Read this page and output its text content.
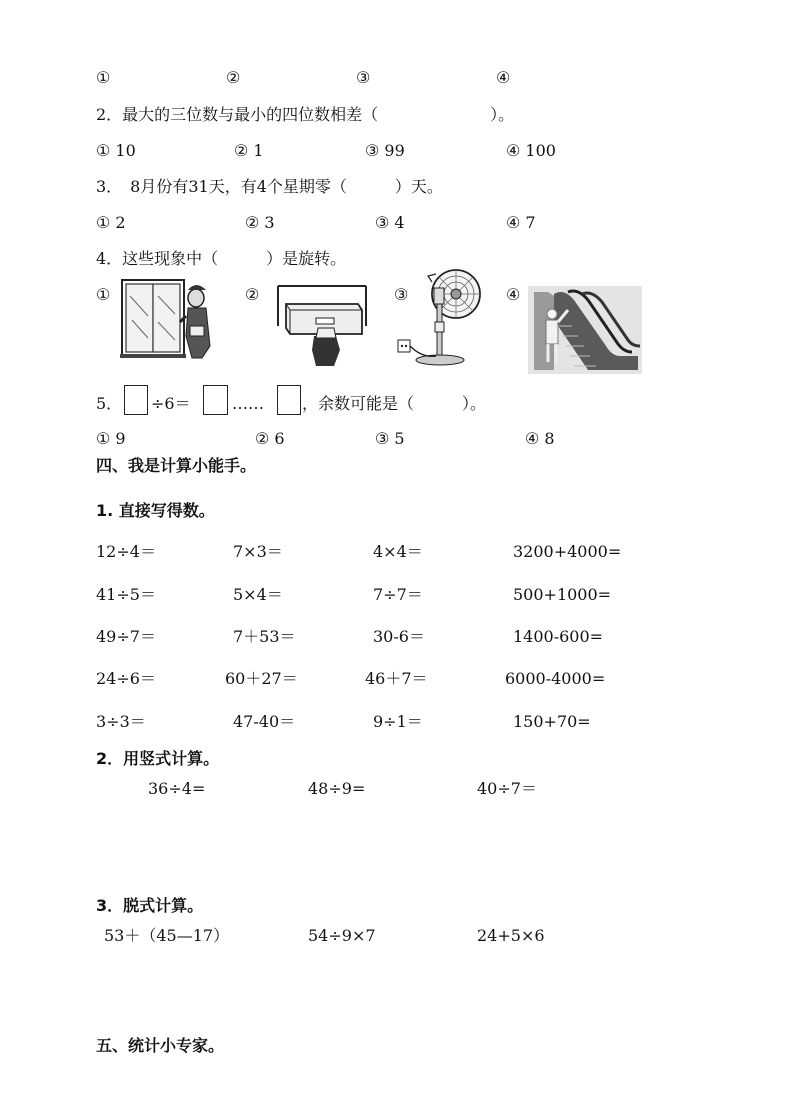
①	②	③	④
2．最大的三位数与最小的四位数相差（　　　　　　　）。
① 10	② 1	③ 99	④ 100
3．　8月份有31天，有4个星期零（　　　）天。
① 2	② 3	③ 4	④ 7
4．这些现象中（　　　）是旋转。
①	②	③	④
5． ÷6＝	…… ，余数可能是（　　　）。
① 9	② 6	③ 5	④ 8
四、我是计算小能手。
1. 直接写得数。
12÷4＝	7×3＝	4×4＝	3200+4000=
41÷5＝	5×4＝	7÷7＝	500+1000=
49÷7＝	7＋53＝	30-6＝	1400-600=
24÷6＝	60＋27＝	46＋7＝	6000-4000=
3÷3＝	47-40＝	9÷1＝	150+70=
2．用竖式计算。
36÷4=	48÷9=	40÷7＝
3．脱式计算。
53＋（45—17）	54÷9×7	24+5×6
五、统计小专家。
